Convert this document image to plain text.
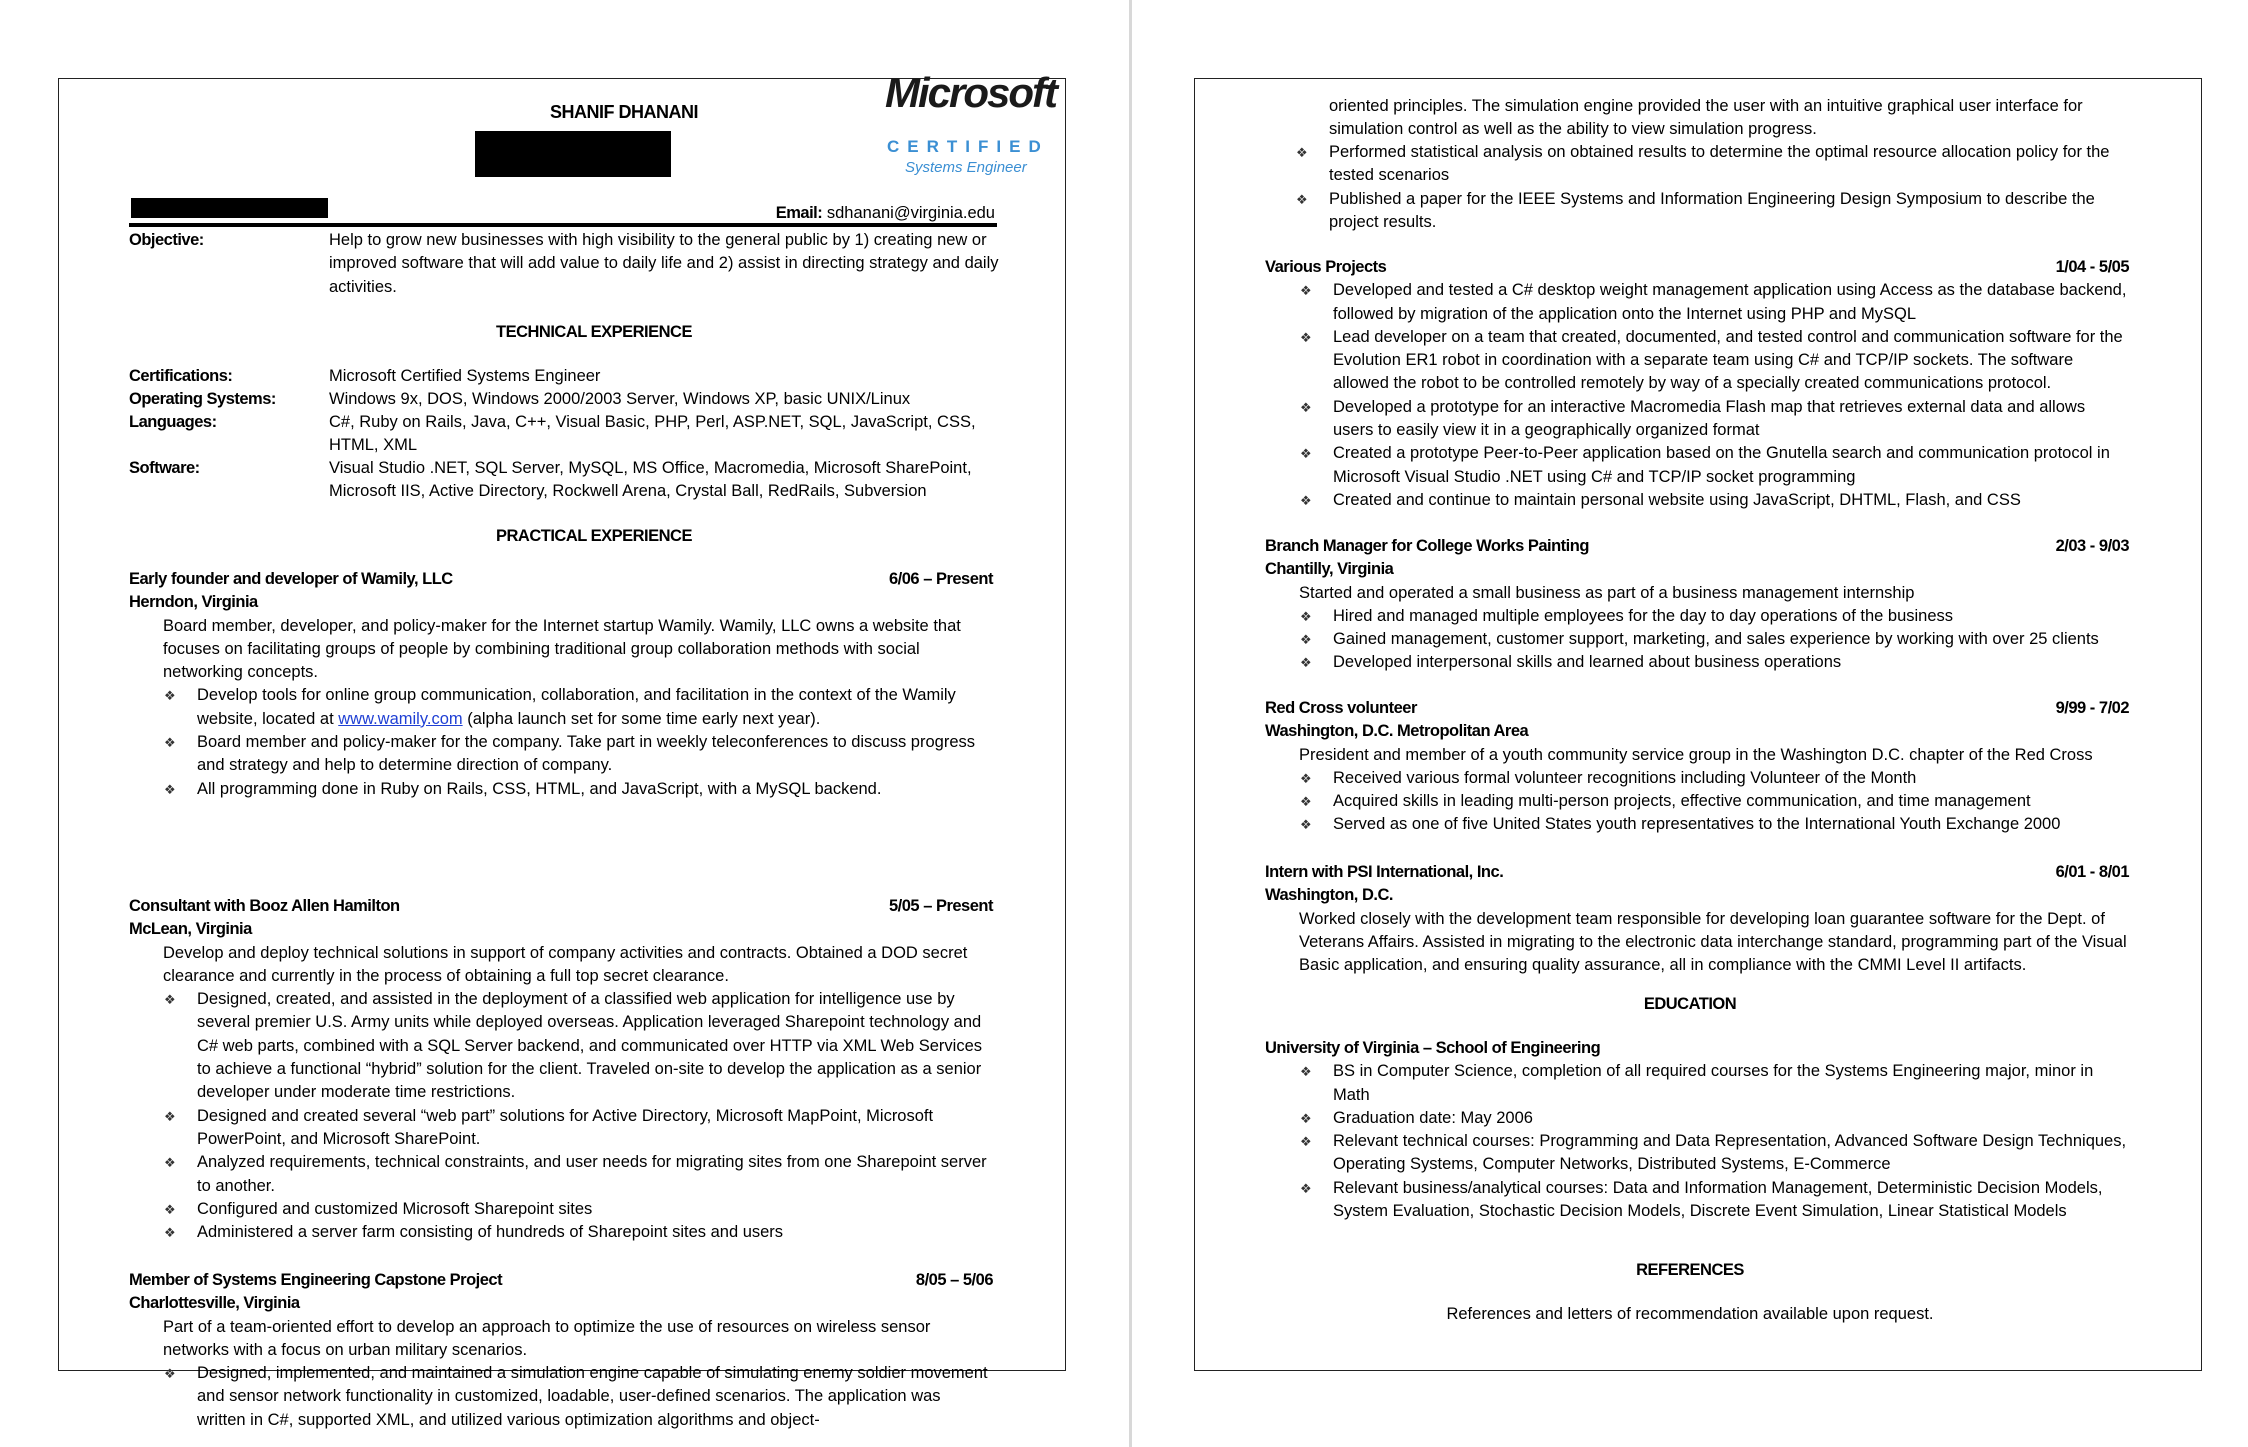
SHANIF DHANANI	Microsoft
CERTIFIED
Systems Engineer
Email: sdhanani@virginia.edu
Objective:	Help to grow new businesses with high visibility to the general public by 1) creating new or improved software that will add value to daily life and 2) assist in directing strategy and daily activities.
TECHNICAL EXPERIENCE
Certifications:	Microsoft Certified Systems Engineer
Operating Systems:	Windows 9x, DOS, Windows 2000/2003 Server, Windows XP, basic UNIX/Linux
Languages:	C#, Ruby on Rails, Java, C++, Visual Basic, PHP, Perl, ASP.NET, SQL, JavaScript, CSS, HTML, XML
Software:	Visual Studio .NET, SQL Server, MySQL, MS Office, Macromedia, Microsoft SharePoint, Microsoft IIS, Active Directory, Rockwell Arena, Crystal Ball, RedRails, Subversion
PRACTICAL EXPERIENCE
Early founder and developer of Wamily, LLC	6/06 – Present
Herndon, Virginia
Board member, developer, and policy-maker for the Internet startup Wamily. Wamily, LLC owns a website that focuses on facilitating groups of people by combining traditional group collaboration methods with social networking concepts.
❖ Develop tools for online group communication, collaboration, and facilitation in the context of the Wamily website, located at www.wamily.com (alpha launch set for some time early next year).
❖ Board member and policy-maker for the company. Take part in weekly teleconferences to discuss progress and strategy and help to determine direction of company.
❖ All programming done in Ruby on Rails, CSS, HTML, and JavaScript, with a MySQL backend.
Consultant with Booz Allen Hamilton	5/05 – Present
McLean, Virginia
Develop and deploy technical solutions in support of company activities and contracts. Obtained a DOD secret clearance and currently in the process of obtaining a full top secret clearance.
❖ Designed, created, and assisted in the deployment of a classified web application for intelligence use by several premier U.S. Army units while deployed overseas. Application leveraged Sharepoint technology and C# web parts, combined with a SQL Server backend, and communicated over HTTP via XML Web Services to achieve a functional “hybrid” solution for the client. Traveled on-site to develop the application as a senior developer under moderate time restrictions.
❖ Designed and created several “web part” solutions for Active Directory, Microsoft MapPoint, Microsoft PowerPoint, and Microsoft SharePoint.
❖ Analyzed requirements, technical constraints, and user needs for migrating sites from one Sharepoint server to another.
❖ Configured and customized Microsoft Sharepoint sites
❖ Administered a server farm consisting of hundreds of Sharepoint sites and users
Member of Systems Engineering Capstone Project	8/05 – 5/06
Charlottesville, Virginia
Part of a team-oriented effort to develop an approach to optimize the use of resources on wireless sensor networks with a focus on urban military scenarios.
❖ Designed, implemented, and maintained a simulation engine capable of simulating enemy soldier movement and sensor network functionality in customized, loadable, user-defined scenarios. The application was written in C#, supported XML, and utilized various optimization algorithms and object-
oriented principles. The simulation engine provided the user with an intuitive graphical user interface for simulation control as well as the ability to view simulation progress.
❖ Performed statistical analysis on obtained results to determine the optimal resource allocation policy for the tested scenarios
❖ Published a paper for the IEEE Systems and Information Engineering Design Symposium to describe the project results.
Various Projects	1/04 - 5/05
❖ Developed and tested a C# desktop weight management application using Access as the database backend, followed by migration of the application onto the Internet using PHP and MySQL
❖ Lead developer on a team that created, documented, and tested control and communication software for the Evolution ER1 robot in coordination with a separate team using C# and TCP/IP sockets. The software allowed the robot to be controlled remotely by way of a specially created communications protocol.
❖ Developed a prototype for an interactive Macromedia Flash map that retrieves external data and allows users to easily view it in a geographically organized format
❖ Created a prototype Peer-to-Peer application based on the Gnutella search and communication protocol in Microsoft Visual Studio .NET using C# and TCP/IP socket programming
❖ Created and continue to maintain personal website using JavaScript, DHTML, Flash, and CSS
Branch Manager for College Works Painting	2/03 - 9/03
Chantilly, Virginia
Started and operated a small business as part of a business management internship
❖ Hired and managed multiple employees for the day to day operations of the business
❖ Gained management, customer support, marketing, and sales experience by working with over 25 clients
❖ Developed interpersonal skills and learned about business operations
Red Cross volunteer	9/99 - 7/02
Washington, D.C. Metropolitan Area
President and member of a youth community service group in the Washington D.C. chapter of the Red Cross
❖ Received various formal volunteer recognitions including Volunteer of the Month
❖ Acquired skills in leading multi-person projects, effective communication, and time management
❖ Served as one of five United States youth representatives to the International Youth Exchange 2000
Intern with PSI International, Inc.	6/01 - 8/01
Washington, D.C.
Worked closely with the development team responsible for developing loan guarantee software for the Dept. of Veterans Affairs. Assisted in migrating to the electronic data interchange standard, programming part of the Visual Basic application, and ensuring quality assurance, all in compliance with the CMMI Level II artifacts.
EDUCATION
University of Virginia – School of Engineering
❖ BS in Computer Science, completion of all required courses for the Systems Engineering major, minor in Math
❖ Graduation date: May 2006
❖ Relevant technical courses: Programming and Data Representation, Advanced Software Design Techniques, Operating Systems, Computer Networks, Distributed Systems, E-Commerce
❖ Relevant business/analytical courses: Data and Information Management, Deterministic Decision Models, System Evaluation, Stochastic Decision Models, Discrete Event Simulation, Linear Statistical Models
REFERENCES
References and letters of recommendation available upon request.
